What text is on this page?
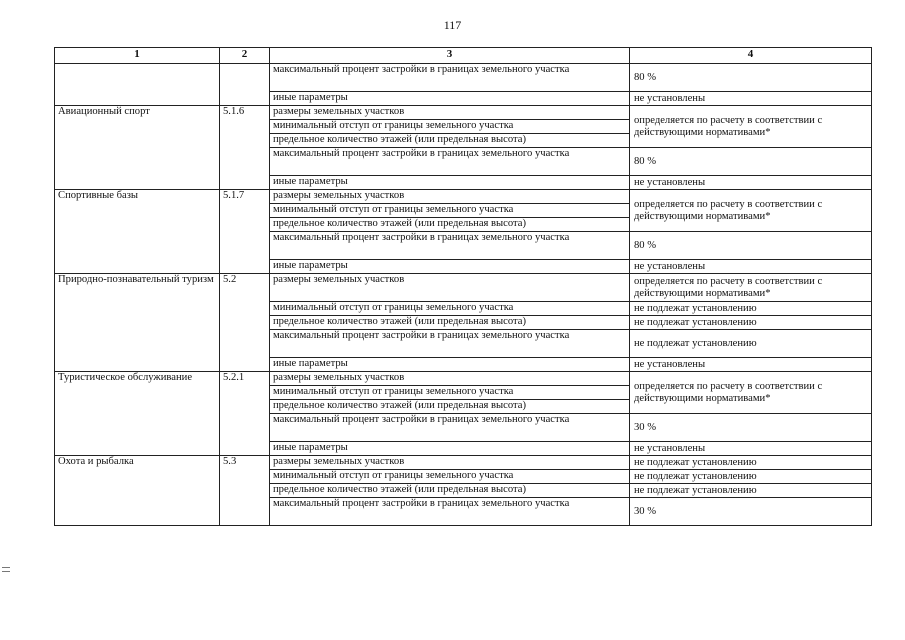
117
1	2	3	4
		максимальный процент застройки в границах земельного участка	80 %
		иные параметры	не установлены
Авиационный спорт	5.1.6	размеры земельных участков	определяется по расчету в соответствии с действующими нормативами*
		минимальный отступ от границы земельного участка	
		предельное количество этажей (или предельная высота)	
		максимальный процент застройки в границах земельного участка	80 %
		иные параметры	не установлены
Спортивные базы	5.1.7	размеры земельных участков	определяется по расчету в соответствии с действующими нормативами*
		минимальный отступ от границы земельного участка	
		предельное количество этажей (или предельная высота)	
		максимальный процент застройки в границах земельного участка	80 %
		иные параметры	не установлены
Природно-познавательный туризм	5.2	размеры земельных участков	определяется по расчету в соответствии с действующими нормативами*
		минимальный отступ от границы земельного участка	не подлежат установлению
		предельное количество этажей (или предельная высота)	не подлежат установлению
		максимальный процент застройки в границах земельного участка	не подлежат установлению
		иные параметры	не установлены
Туристическое обслуживание	5.2.1	размеры земельных участков	определяется по расчету в соответствии с действующими нормативами*
		минимальный отступ от границы земельного участка	
		предельное количество этажей (или предельная высота)	
		максимальный процент застройки в границах земельного участка	30 %
		иные параметры	не установлены
Охота и рыбалка	5.3	размеры земельных участков	не подлежат установлению
		минимальный отступ от границы земельного участка	не подлежат установлению
		предельное количество этажей (или предельная высота)	не подлежат установлению
		максимальный процент застройки в границах земельного участка	30 %
